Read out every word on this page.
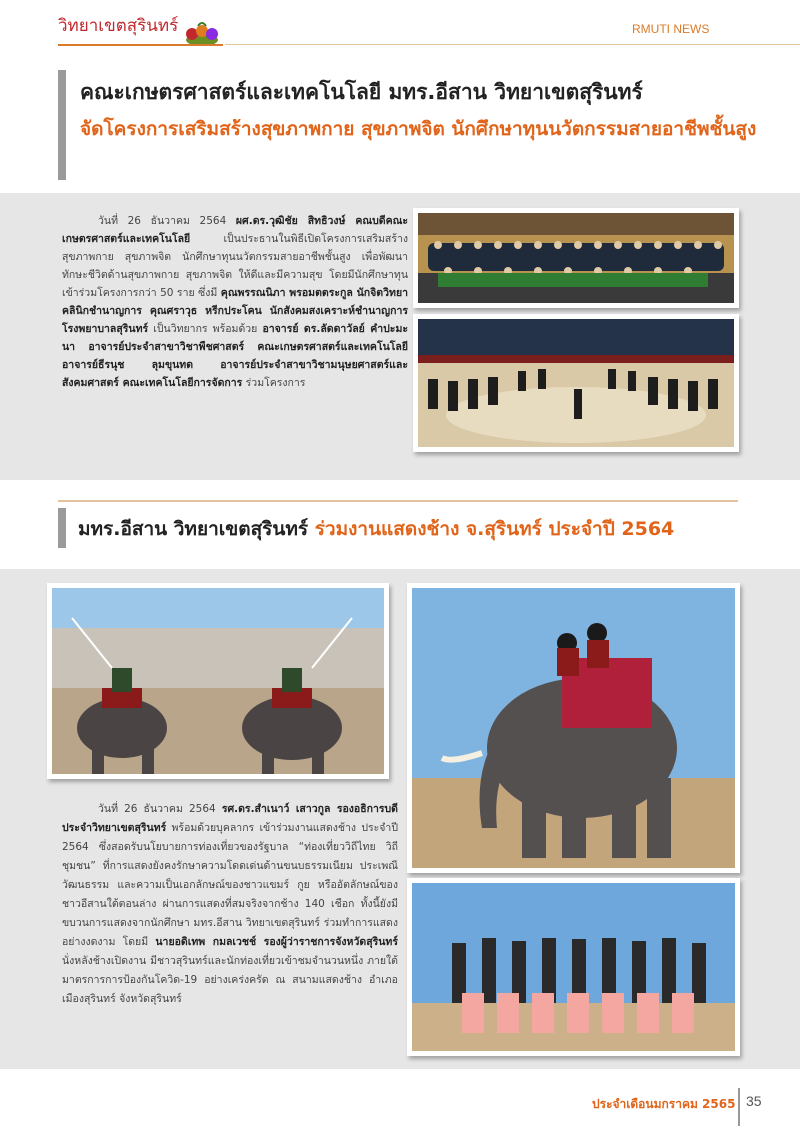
วิทยาเขตสุรินทร์	RMUTI NEWS
คณะเกษตรศาสตร์และเทคโนโลยี มทร.อีสาน วิทยาเขตสุรินทร์
จัดโครงการเสริมสร้างสุขภาพกาย สุขภาพจิต นักศึกษาทุนนวัตกรรมสายอาชีพชั้นสูง
วันที่ 26 ธันวาคม 2564 ผศ.ดร.วุฒิชัย สิทธิวงษ์ คณบดีคณะเกษตรศาสตร์และเทคโนโลยี	เป็นประธานในพิธีเปิดโครงการเสริมสร้างสุขภาพกาย สุขภาพจิต นักศึกษาทุนนวัตกรรมสายอาชีพชั้นสูง เพื่อพัฒนาทักษะชีวิตด้านสุขภาพกาย สุขภาพจิต ให้ดีและมีความสุข โดยมีนักศึกษาทุนเข้าร่วมโครงการกว่า 50 ราย ซึ่งมี คุณพรรณนิภา พรอมตตระกูล นักจิตวิทยาคลินิกชำนาญการ คุณศราวุธ หรีกประโคน นักสังคมสงเคราะห์ชำนาญการ โรงพยาบาลสุรินทร์ เป็นวิทยากร พร้อมด้วย อาจารย์ ดร.ลัดดาวัลย์ คำปะมะนา อาจารย์ประจำสาขาวิชาพืชศาสตร์ คณะเกษตรศาสตร์และเทคโนโลยี อาจารย์ธีรนุช ลุมขุนทด อาจารย์ประจำสาขาวิชามนุษยศาสตร์และสังคมศาสตร์ คณะเทคโนโลยีการจัดการ ร่วมโครงการ
มทร.อีสาน วิทยาเขตสุรินทร์ ร่วมงานแสดงช้าง จ.สุรินทร์ ประจำปี 2564
วันที่ 26 ธันวาคม 2564 รศ.ดร.สำเนาว์ เสาวกูล รองอธิการบดีประจำวิทยาเขตสุรินทร์ พร้อมด้วยบุคลากร เข้าร่วมงานแสดงช้าง ประจำปี 2564 ซึ่งสอดรับนโยบายการท่องเที่ยวของรัฐบาล “ท่องเที่ยววิถีไทย วิถีชุมชน” ที่การแสดงยังคงรักษาความโดดเด่นด้านขนบธรรมเนียม ประเพณี วัฒนธรรม และความเป็นเอกลักษณ์ของชาวแขมร์ กูย หรืออัตลักษณ์ของชาวอีสานใต้ตอนล่าง ผ่านการแสดงที่สมจริงจากช้าง 140 เชือก ทั้งนี้ยังมีขบวนการแสดงจากนักศึกษา มทร.อีสาน วิทยาเขตสุรินทร์ ร่วมทำการแสดงอย่างงดงาม โดยมี นายอดิเทพ กมลเวชช์ รองผู้ว่าราชการจังหวัดสุรินทร์ นั่งหลังช้างเปิดงาน มีชาวสุรินทร์และนักท่องเที่ยวเข้าชมจำนวนหนึ่ง ภายใต้มาตรการการป้องกันโควิด-19 อย่างเคร่งครัด ณ สนามแสดงช้าง อำเภอเมืองสุรินทร์ จังหวัดสุรินทร์
ประจำเดือนมกราคม 2565 35
